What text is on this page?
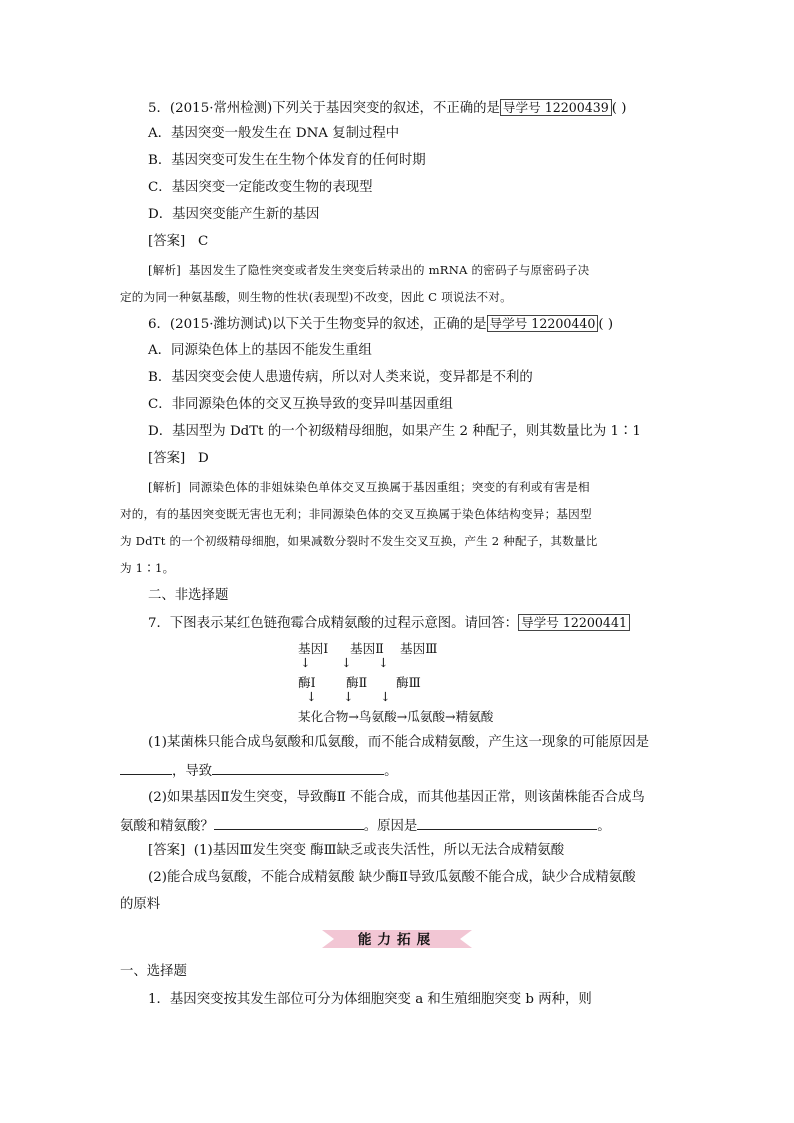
5．(2015·常州检测)下列关于基因突变的叙述，不正确的是 导学号 12200439 ( )
A．基因突变一般发生在 DNA 复制过程中
B．基因突变可发生在生物个体发育的任何时期
C．基因突变一定能改变生物的表现型
D．基因突变能产生新的基因
[答案] C
[解析] 基因发生了隐性突变或者发生突变后转录出的 mRNA 的密码子与原密码子决
定的为同一种氨基酸，则生物的性状(表现型)不改变，因此 C 项说法不对。
6．(2015·潍坊测试)以下关于生物变异的叙述，正确的是 导学号 12200440 ( )
A．同源染色体上的基因不能发生重组
B．基因突变会使人患遗传病，所以对人类来说，变异都是不利的
C．非同源染色体的交叉互换导致的变异叫基因重组
D．基因型为 DdTt 的一个初级精母细胞，如果产生 2 种配子，则其数量比为 1∶1
[答案] D
[解析] 同源染色体的非姐妹染色单体交叉互换属于基因重组；突变的有利或有害是相
对的，有的基因突变既无害也无利；非同源染色体的交叉互换属于染色体结构变异；基因型
为 DdTt 的一个初级精母细胞，如果减数分裂时不发生交叉互换，产生 2 种配子，其数量比
为 1∶1。
二、非选择题
7．下图表示某红色链孢霉合成精氨酸的过程示意图。请回答： 导学号 12200441
基因Ⅰ 基因Ⅱ 基因Ⅲ
↓ ↓ ↓
酶Ⅰ 酶Ⅱ 酶Ⅲ
↓ ↓ ↓
某化合物→鸟氨酸→瓜氨酸→精氨酸
(1)某菌株只能合成鸟氨酸和瓜氨酸，而不能合成精氨酸，产生这一现象的可能原因是
，导致	。
(2)如果基因Ⅱ发生突变，导致酶Ⅱ 不能合成，而其他基因正常，则该菌株能否合成鸟
氨酸和精氨酸？	。原因是	。
[答案] (1)基因Ⅲ发生突变 酶Ⅲ缺乏或丧失活性，所以无法合成精氨酸
(2)能合成鸟氨酸，不能合成精氨酸 缺少酶Ⅱ导致瓜氨酸不能合成，缺少合成精氨酸
的原料
能力拓展
一、选择题
1．基因突变按其发生部位可分为体细胞突变 a 和生殖细胞突变 b 两种，则
